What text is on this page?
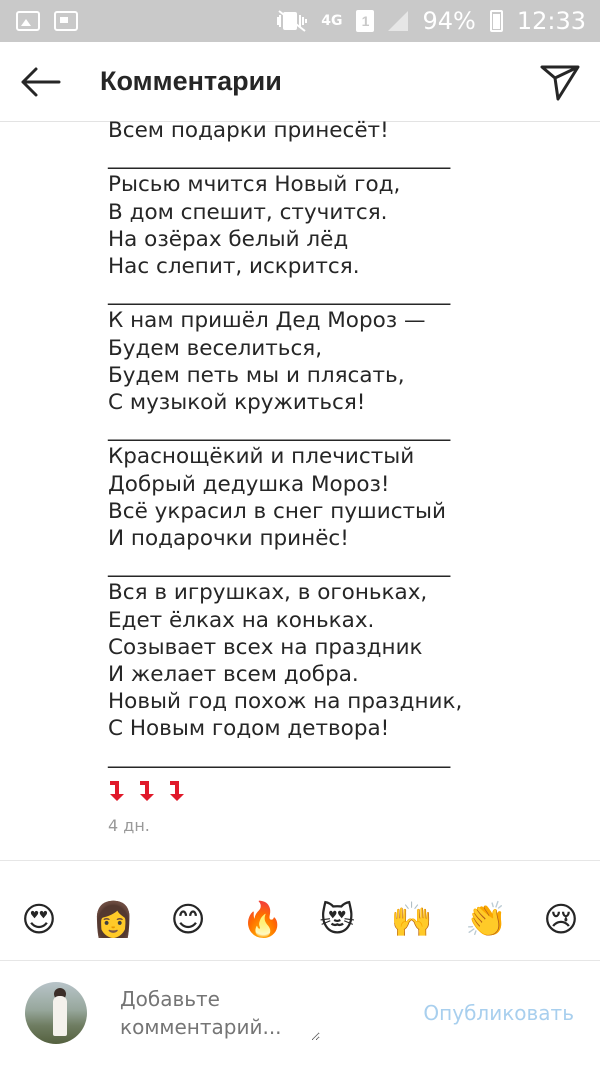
4G	1 94% 12:33
Комментарии
Всем подарки принесёт!
___________________________________
Рысью мчится Новый год,
В дом спешит, стучится.
На озёрах белый лёд
Нас слепит, искрится.
___________________________________
К нам пришёл Дед Мороз —
Будем веселиться,
Будем петь мы и плясать,
С музыкой кружиться!
___________________________________
Краснощёкий и плечистый
Добрый дедушка Мороз!
Всё украсил в снег пушистый
И подарочки принёс!
___________________________________
Вся в игрушках, в огоньках,
Едет ёлках на коньках.
Созывает всех на праздник
И желает всем добра.
Новый год похож на праздник,
С Новым годом детвора!
___________________________________
4 дн.
😍 👩 😊 🔥 😻 🙌 👏 😢
Добавьте комментарий...
Опубликовать
